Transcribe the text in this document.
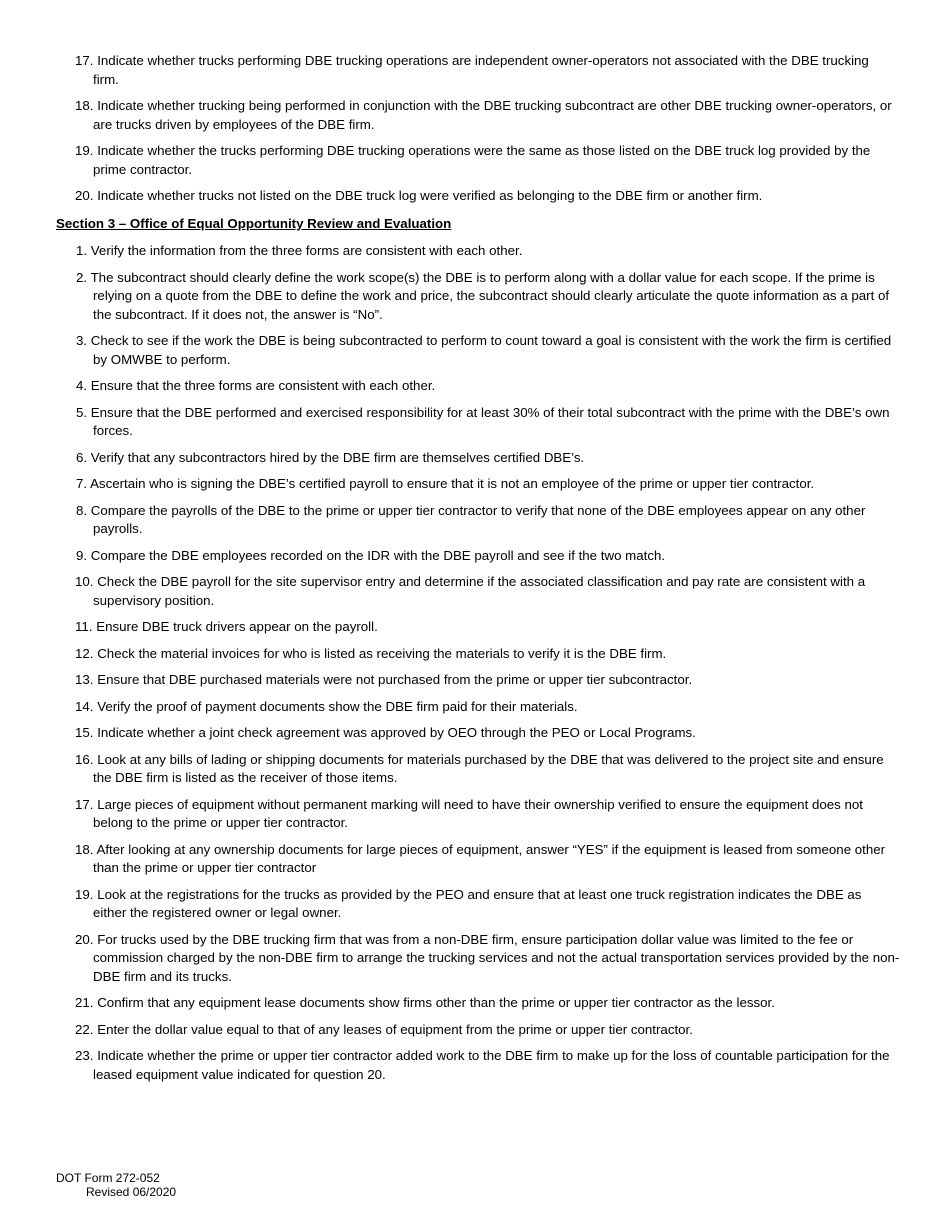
17. Indicate whether trucks performing DBE trucking operations are independent owner-operators not associated with the DBE trucking firm.
18. Indicate whether trucking being performed in conjunction with the DBE trucking subcontract are other DBE trucking owner-operators, or are trucks driven by employees of the DBE firm.
19. Indicate whether the trucks performing DBE trucking operations were the same as those listed on the DBE truck log provided by the prime contractor.
20. Indicate whether trucks not listed on the DBE truck log were verified as belonging to the DBE firm or another firm.
Section 3 – Office of Equal Opportunity Review and Evaluation
1. Verify the information from the three forms are consistent with each other.
2. The subcontract should clearly define the work scope(s) the DBE is to perform along with a dollar value for each scope. If the prime is relying on a quote from the DBE to define the work and price, the subcontract should clearly articulate the quote information as a part of the subcontract. If it does not, the answer is “No”.
3. Check to see if the work the DBE is being subcontracted to perform to count toward a goal is consistent with the work the firm is certified by OMWBE to perform.
4. Ensure that the three forms are consistent with each other.
5. Ensure that the DBE performed and exercised responsibility for at least 30% of their total subcontract with the prime with the DBE’s own forces.
6. Verify that any subcontractors hired by the DBE firm are themselves certified DBE’s.
7. Ascertain who is signing the DBE’s certified payroll to ensure that it is not an employee of the prime or upper tier contractor.
8. Compare the payrolls of the DBE to the prime or upper tier contractor to verify that none of the DBE employees appear on any other payrolls.
9. Compare the DBE employees recorded on the IDR with the DBE payroll and see if the two match.
10. Check the DBE payroll for the site supervisor entry and determine if the associated classification and pay rate are consistent with a supervisory position.
11. Ensure DBE truck drivers appear on the payroll.
12. Check the material invoices for who is listed as receiving the materials to verify it is the DBE firm.
13. Ensure that DBE purchased materials were not purchased from the prime or upper tier subcontractor.
14. Verify the proof of payment documents show the DBE firm paid for their materials.
15. Indicate whether a joint check agreement was approved by OEO through the PEO or Local Programs.
16. Look at any bills of lading or shipping documents for materials purchased by the DBE that was delivered to the project site and ensure the DBE firm is listed as the receiver of those items.
17. Large pieces of equipment without permanent marking will need to have their ownership verified to ensure the equipment does not belong to the prime or upper tier contractor.
18. After looking at any ownership documents for large pieces of equipment, answer “YES” if the equipment is leased from someone other than the prime or upper tier contractor
19. Look at the registrations for the trucks as provided by the PEO and ensure that at least one truck registration indicates the DBE as either the registered owner or legal owner.
20. For trucks used by the DBE trucking firm that was from a non-DBE firm, ensure participation dollar value was limited to the fee or commission charged by the non-DBE firm to arrange the trucking services and not the actual transportation services provided by the non-DBE firm and its trucks.
21. Confirm that any equipment lease documents show firms other than the prime or upper tier contractor as the lessor.
22. Enter the dollar value equal to that of any leases of equipment from the prime or upper tier contractor.
23. Indicate whether the prime or upper tier contractor added work to the DBE firm to make up for the loss of countable participation for the leased equipment value indicated for question 20.
DOT Form 272-052
Revised 06/2020
